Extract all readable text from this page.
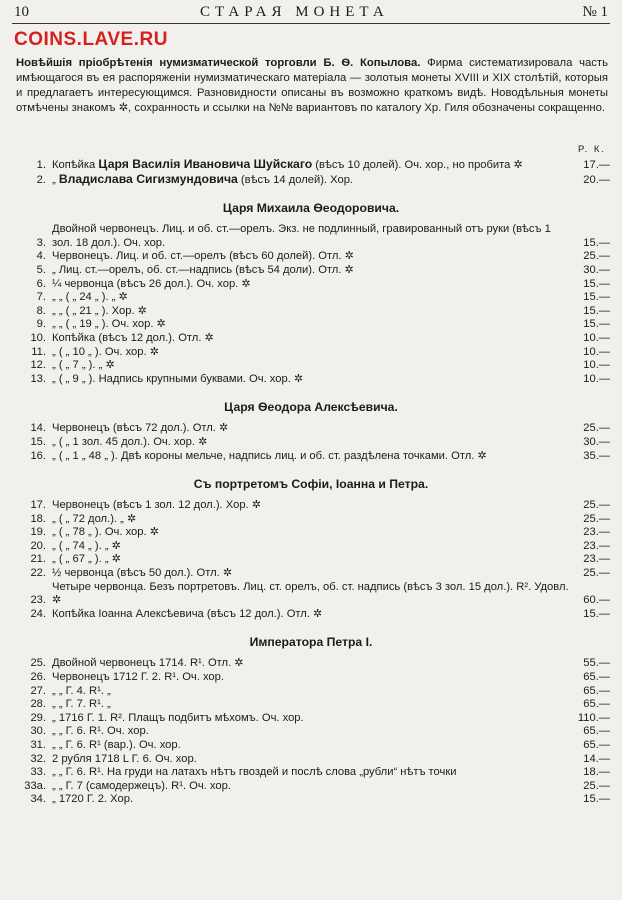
10	СТАРАЯ МОНЕТА	№ 1
COINS.LAVE.RU
Новѣйшія пріобрѣтенія нумизматической торговли Б. Ѳ. Копылова. Фирма систематизировала часть имѣющагося въ ея распоряженіи нумизматическаго матеріала — золотыя монеты XVIII и XIX столѣтій, которыя и предлагаетъ интересующимся. Разновидности описаны въ возможно краткомъ видѣ. Новодѣльныя монеты отмѣчены знакомъ ✲, сохранность и ссылки на №№ вариантовъ по каталогу Хр. Гиля обозначены сокращенно.
Р. К.
1. Копѣйка Царя Василія Ивановича Шуйскаго (вѣсъ 10 долей). Оч. хор., но пробита ✲	17.—
2. „ Владислава Сигизмундовича (вѣсъ 14 долей). Хор.	20.—
Царя Михаила Ѳеодоровича.
3.
Двойной червонецъ. Лиц. и об. ст.—орелъ. Экз. не подлинный, гравированный отъ руки (вѣсъ 1 зол. 18 дол.). Оч. хор.	15.—
4. Червонецъ. Лиц. и об. ст.—орелъ (вѣсъ 60 долей). Отл. ✲	25.—
5. „ Лиц. ст.—орелъ, об. ст.—надпись (вѣсъ 54 доли). Отл. ✲	30.—
6. ¼ червонца (вѣсъ 26 дол.). Оч. хор. ✲	15.—
7. „ „ ( „ 24 „ ). „ ✲	15.—
8. „ „ ( „ 21 „ ). Хор. ✲	15.—
9. „ „ ( „ 19 „ ). Оч. хор. ✲	15.—
10. Копѣйка (вѣсъ 12 дол.). Отл. ✲	10.—
11. „ ( „ 10 „ ). Оч. хор. ✲	10.—
12. „ ( „ 7 „ ). „ ✲	10.—
13. „ ( „ 9 „ ). Надпись крупными буквами. Оч. хор. ✲	10.—
Царя Ѳеодора Алексѣевича.
14. Червонецъ (вѣсъ 72 дол.). Отл. ✲	25.—
15. „ ( „ 1 зол. 45 дол.). Оч. хор. ✲	30.—
16. „ ( „ 1 „ 48 „ ). Двѣ короны мельче, надпись лиц. и об. ст. раздѣлена точками. Отл. ✲	35.—
Съ портретомъ Софіи, Іоанна и Петра.
17. Червонецъ (вѣсъ 1 зол. 12 дол.). Хор. ✲	25.—
18. „ ( „ 72 дол.). „ ✲	25.—
19. „ ( „ 78 „ ). Оч. хор. ✲	23.—
20. „ ( „ 74 „ ). „ ✲	23.—
21. „ ( „ 67 „ ). „ ✲	23.—
22. ½ червонца (вѣсъ 50 дол.). Отл. ✲	25.—
23.
Четыре червонца. Безъ портретовъ. Лиц. ст. орелъ, об. ст. надпись (вѣсъ 3 зол. 15 дол.). R². Удовл. ✲	60.—
24. Копѣйка Іоанна Алексѣевича (вѣсъ 12 дол.). Отл. ✲	15.—
Императора Петра I.
25. Двойной червонецъ 1714. R¹. Отл. ✲	55.—
26. Червонецъ 1712 Г. 2. R¹. Оч. хор.	65.—
27. „ „ Г. 4. R¹. „	65.—
28. „ „ Г. 7. R¹. „	65.—
29. „ 1716 Г. 1. R². Плащъ подбитъ мѣхомъ. Оч. хор.	110.—
30. „ „ Г. 6. R¹. Оч. хор.	65.—
31. „ „ Г. 6. R¹ (вар.). Оч. хор.	65.—
32. 2 рубля 1718 L Г. 6. Оч. хор.	14.—
33. „ „ Г. 6. R¹. На груди на латахъ нѣтъ гвоздей и послѣ слова „рубли“ нѣтъ точки	18.—
33а. „ „ Г. 7 (самодержецъ). R¹. Оч. хор.	25.—
34. „ 1720 Г. 2. Хор.	15.—
